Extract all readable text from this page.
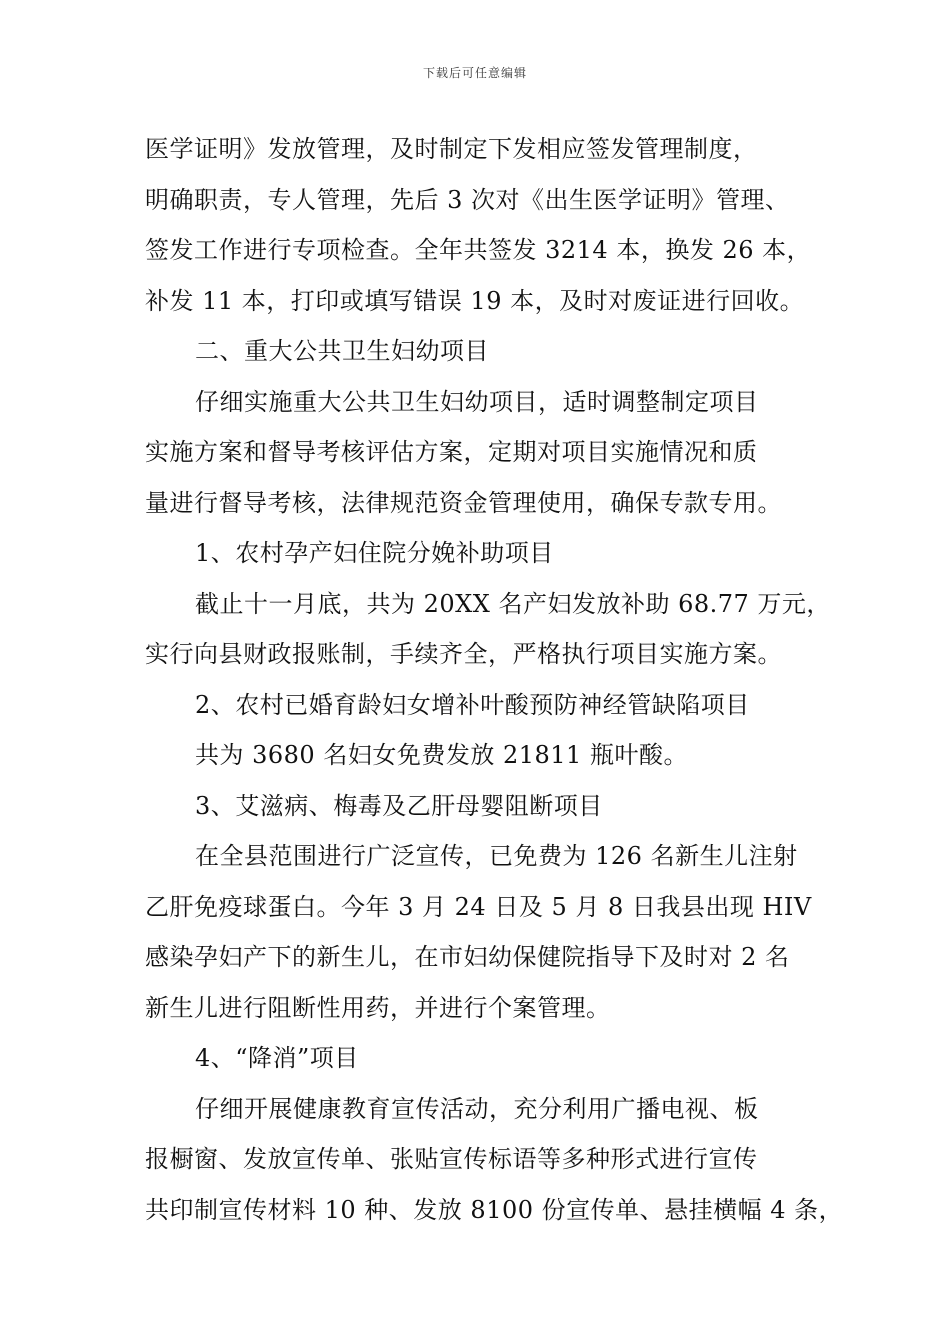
下载后可任意编辑
医学证明》发放管理，及时制定下发相应签发管理制度，
明确职责，专人管理，先后 3 次对《出生医学证明》管理、
签发工作进行专项检查。全年共签发 3214 本，换发 26 本，
补发 11 本，打印或填写错误 19 本，及时对废证进行回收。
二、重大公共卫生妇幼项目
仔细实施重大公共卫生妇幼项目，适时调整制定项目
实施方案和督导考核评估方案，定期对项目实施情况和质
量进行督导考核，法律规范资金管理使用，确保专款专用。
1、农村孕产妇住院分娩补助项目
截止十一月底，共为 20XX 名产妇发放补助 68.77 万元，
实行向县财政报账制，手续齐全，严格执行项目实施方案。
2、农村已婚育龄妇女增补叶酸预防神经管缺陷项目
共为 3680 名妇女免费发放 21811 瓶叶酸。
3、艾滋病、梅毒及乙肝母婴阻断项目
在全县范围进行广泛宣传，已免费为 126 名新生儿注射
乙肝免疫球蛋白。今年 3 月 24 日及 5 月 8 日我县出现 HIV
感染孕妇产下的新生儿，在市妇幼保健院指导下及时对 2 名
新生儿进行阻断性用药，并进行个案管理。
4、“降消”项目
仔细开展健康教育宣传活动，充分利用广播电视、板
报橱窗、发放宣传单、张贴宣传标语等多种形式进行宣传
共印制宣传材料 10 种、发放 8100 份宣传单、悬挂横幅 4 条，
